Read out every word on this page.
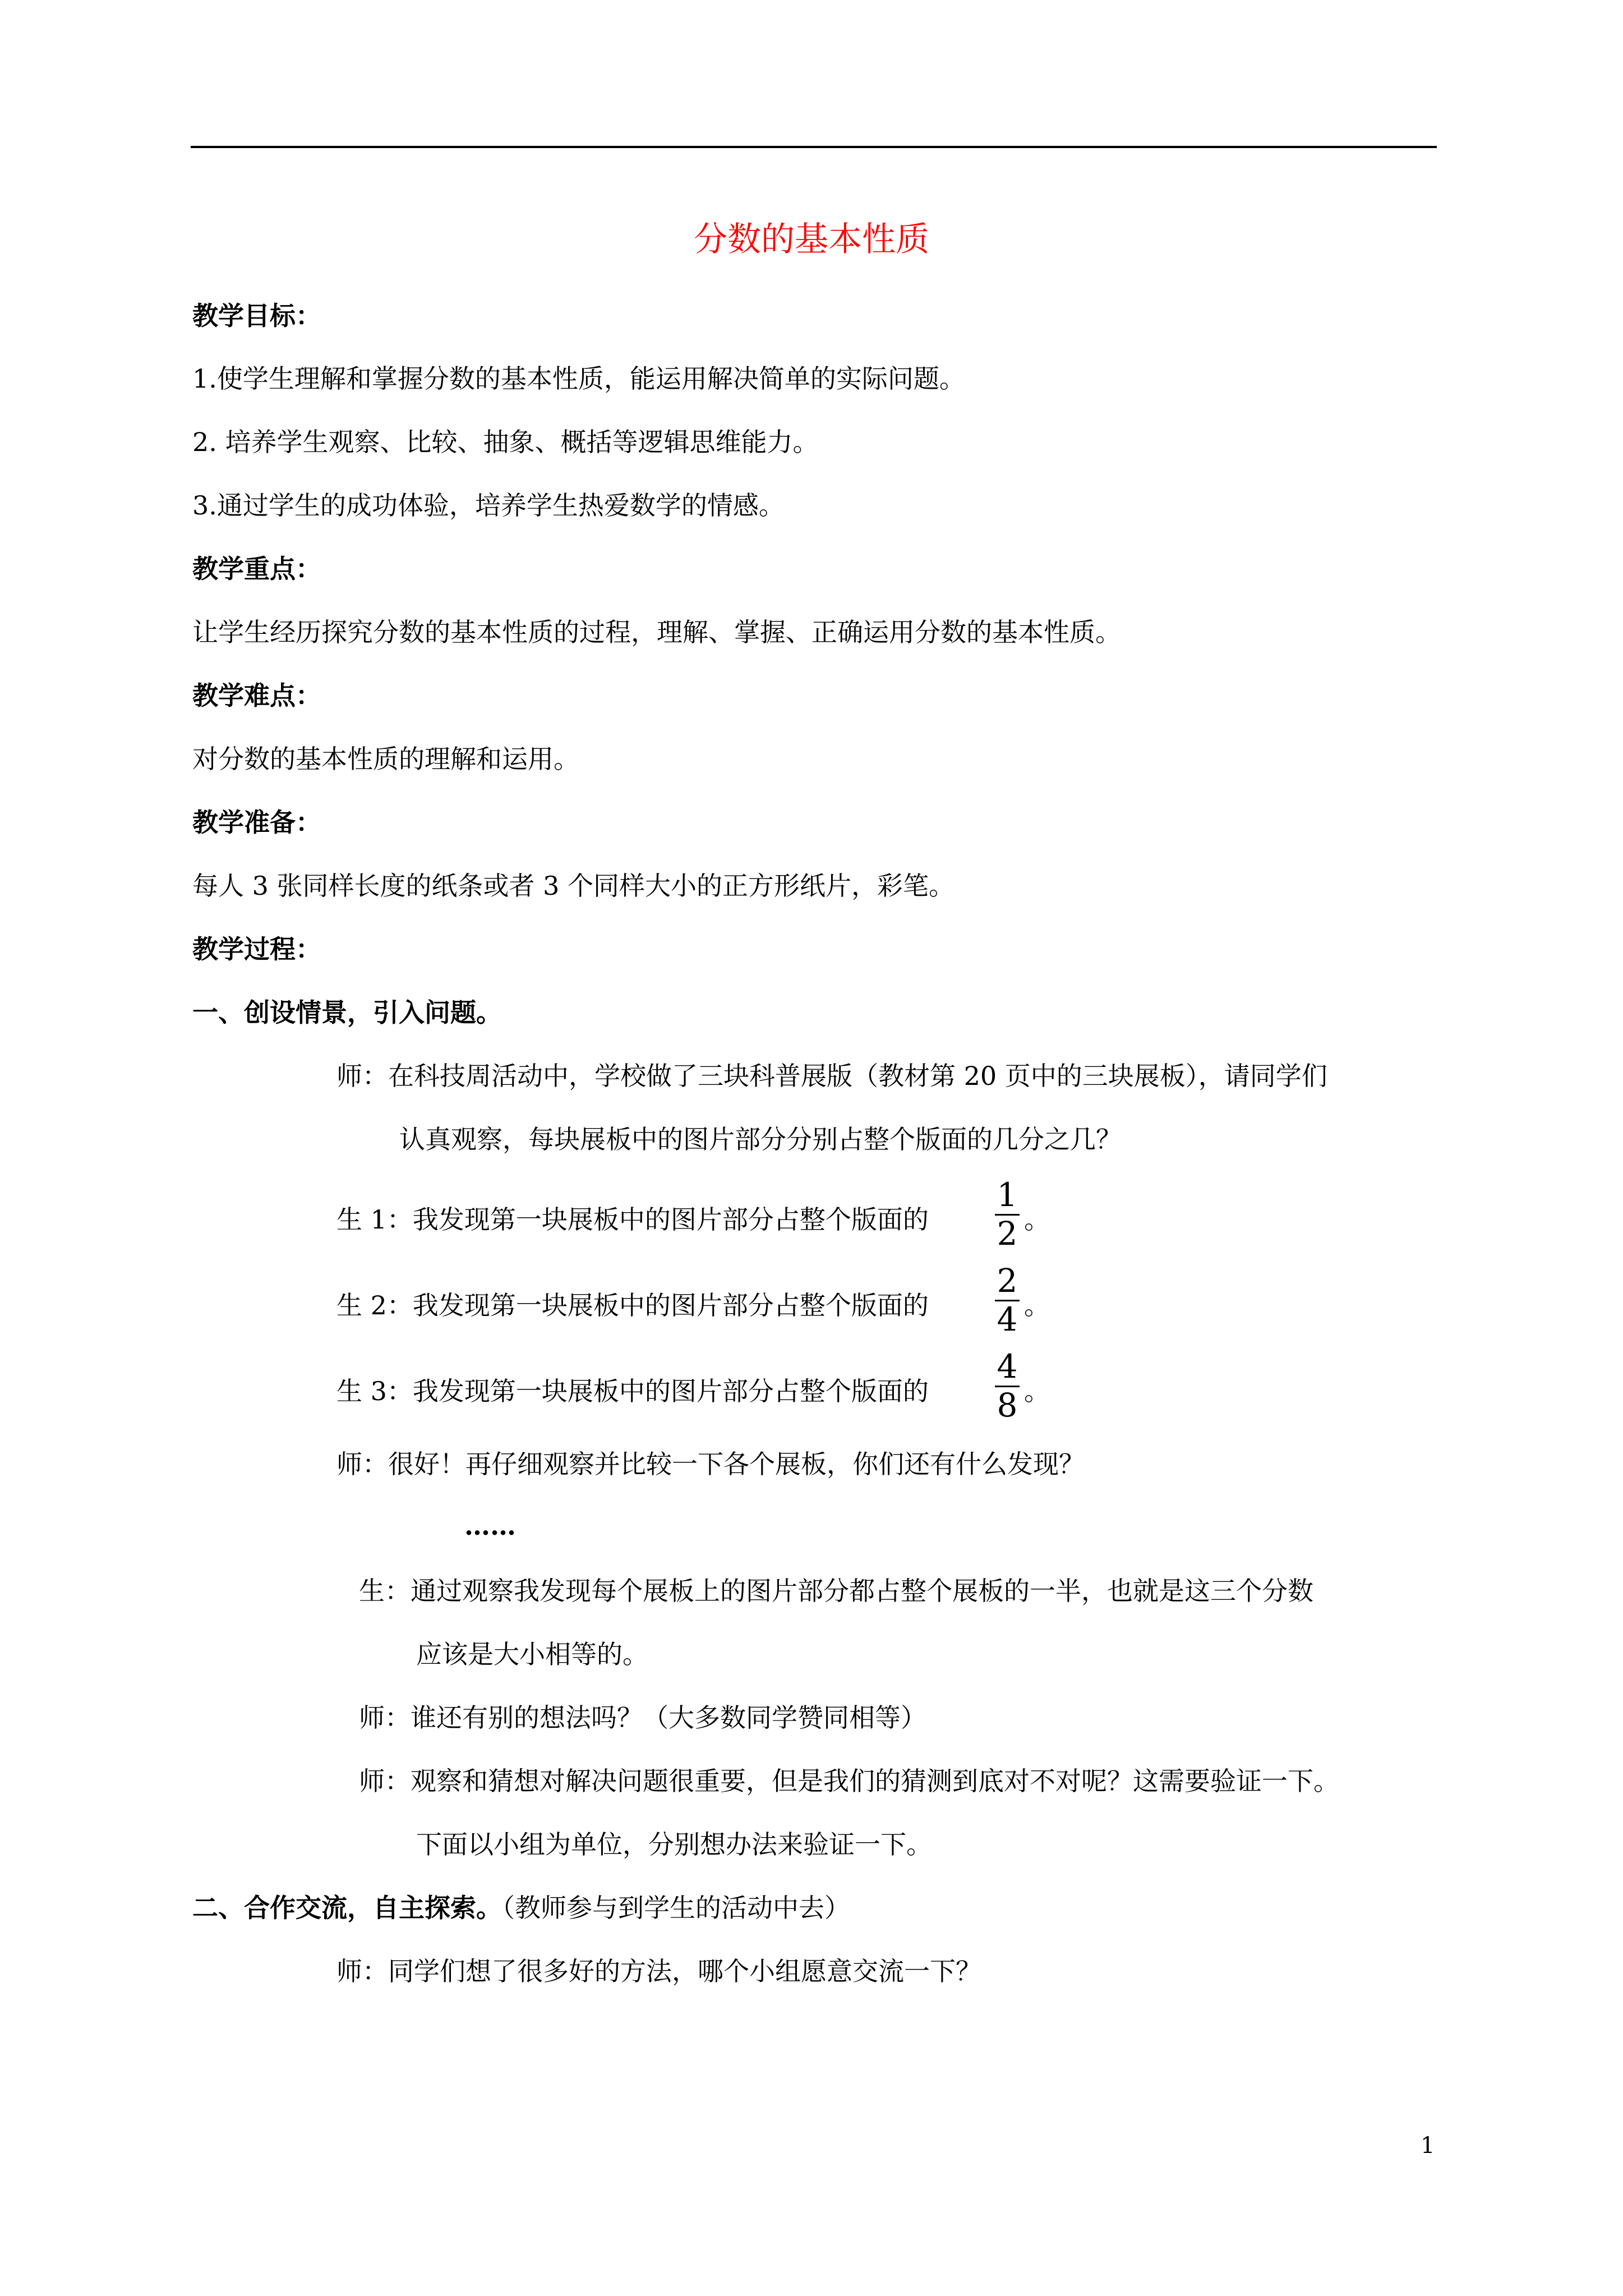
分数的基本性质
教学目标：
1.使学生理解和掌握分数的基本性质，能运用解决简单的实际问题。
2. 培养学生观察、比较、抽象、概括等逻辑思维能力。
3.通过学生的成功体验，培养学生热爱数学的情感。
教学重点：
让学生经历探究分数的基本性质的过程，理解、掌握、正确运用分数的基本性质。
教学难点：
对分数的基本性质的理解和运用。
教学准备：
每人 3 张同样长度的纸条或者 3 个同样大小的正方形纸片，彩笔。
教学过程：
一、创设情景，引入问题。
师：在科技周活动中，学校做了三块科普展版（教材第 20 页中的三块展板），请同学们
认真观察，每块展板中的图片部分分别占整个版面的几分之几？
生 1：我发现第一块展板中的图片部分占整个版面的
1
2 。
生 2：我发现第一块展板中的图片部分占整个版面的
2
4 。
生 3：我发现第一块展板中的图片部分占整个版面的
4
8 。
师：很好！再仔细观察并比较一下各个展板，你们还有什么发现？
……
生：通过观察我发现每个展板上的图片部分都占整个展板的一半，也就是这三个分数
应该是大小相等的。
师：谁还有别的想法吗？（大多数同学赞同相等）
师：观察和猜想对解决问题很重要，但是我们的猜测到底对不对呢？这需要验证一下。
下面以小组为单位，分别想办法来验证一下。
二、合作交流，自主探索。（教师参与到学生的活动中去）
师：同学们想了很多好的方法，哪个小组愿意交流一下？
1
